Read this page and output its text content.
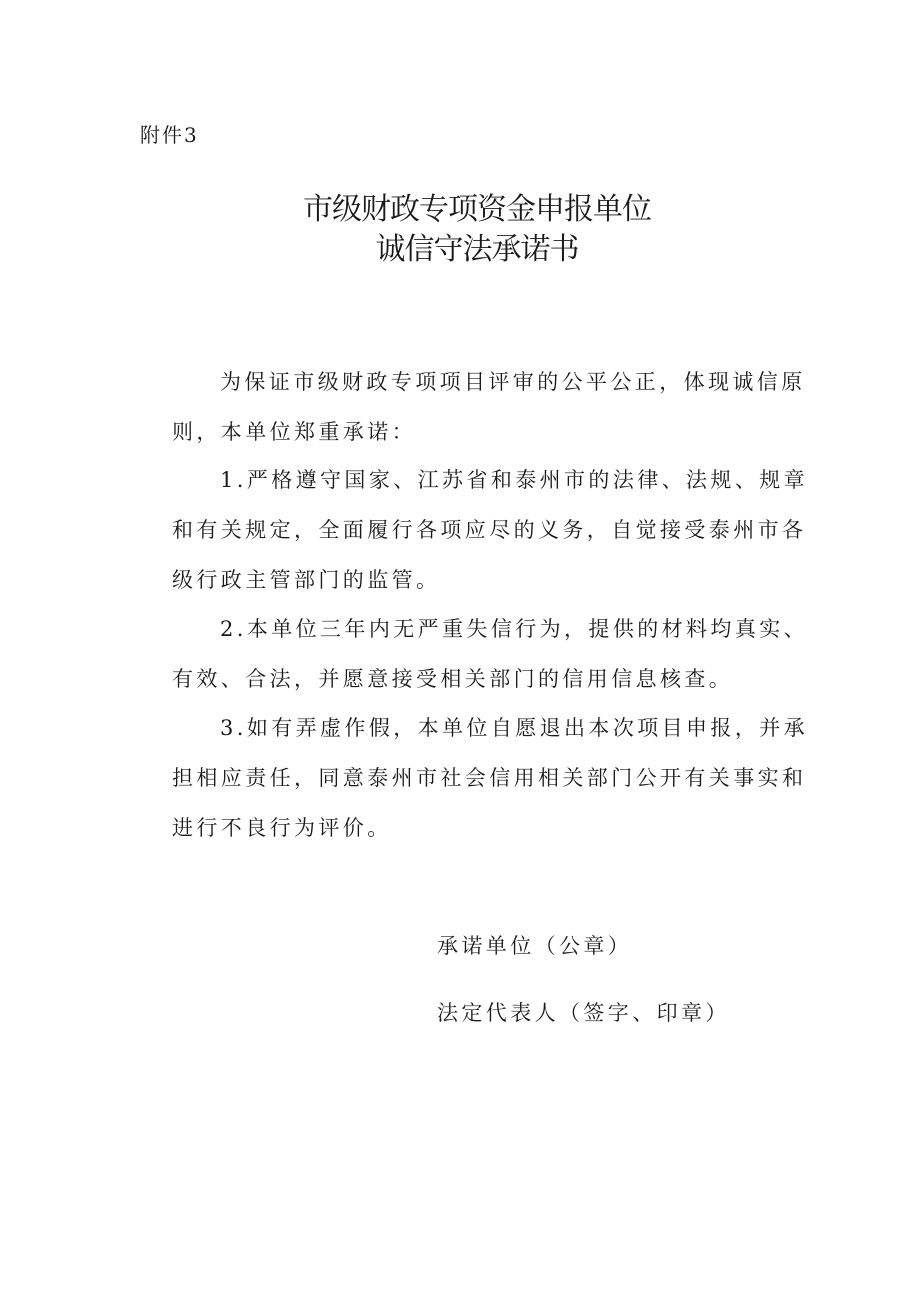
附件3
市级财政专项资金申报单位
诚信守法承诺书
为保证市级财政专项项目评审的公平公正，体现诚信原
则，本单位郑重承诺：
1.严格遵守国家、江苏省和泰州市的法律、法规、规章
和有关规定，全面履行各项应尽的义务，自觉接受泰州市各
级行政主管部门的监管。
2.本单位三年内无严重失信行为，提供的材料均真实、
有效、合法，并愿意接受相关部门的信用信息核查。
3.如有弄虚作假，本单位自愿退出本次项目申报，并承
担相应责任，同意泰州市社会信用相关部门公开有关事实和
进行不良行为评价。
承诺单位（公章）
法定代表人（签字、印章）
